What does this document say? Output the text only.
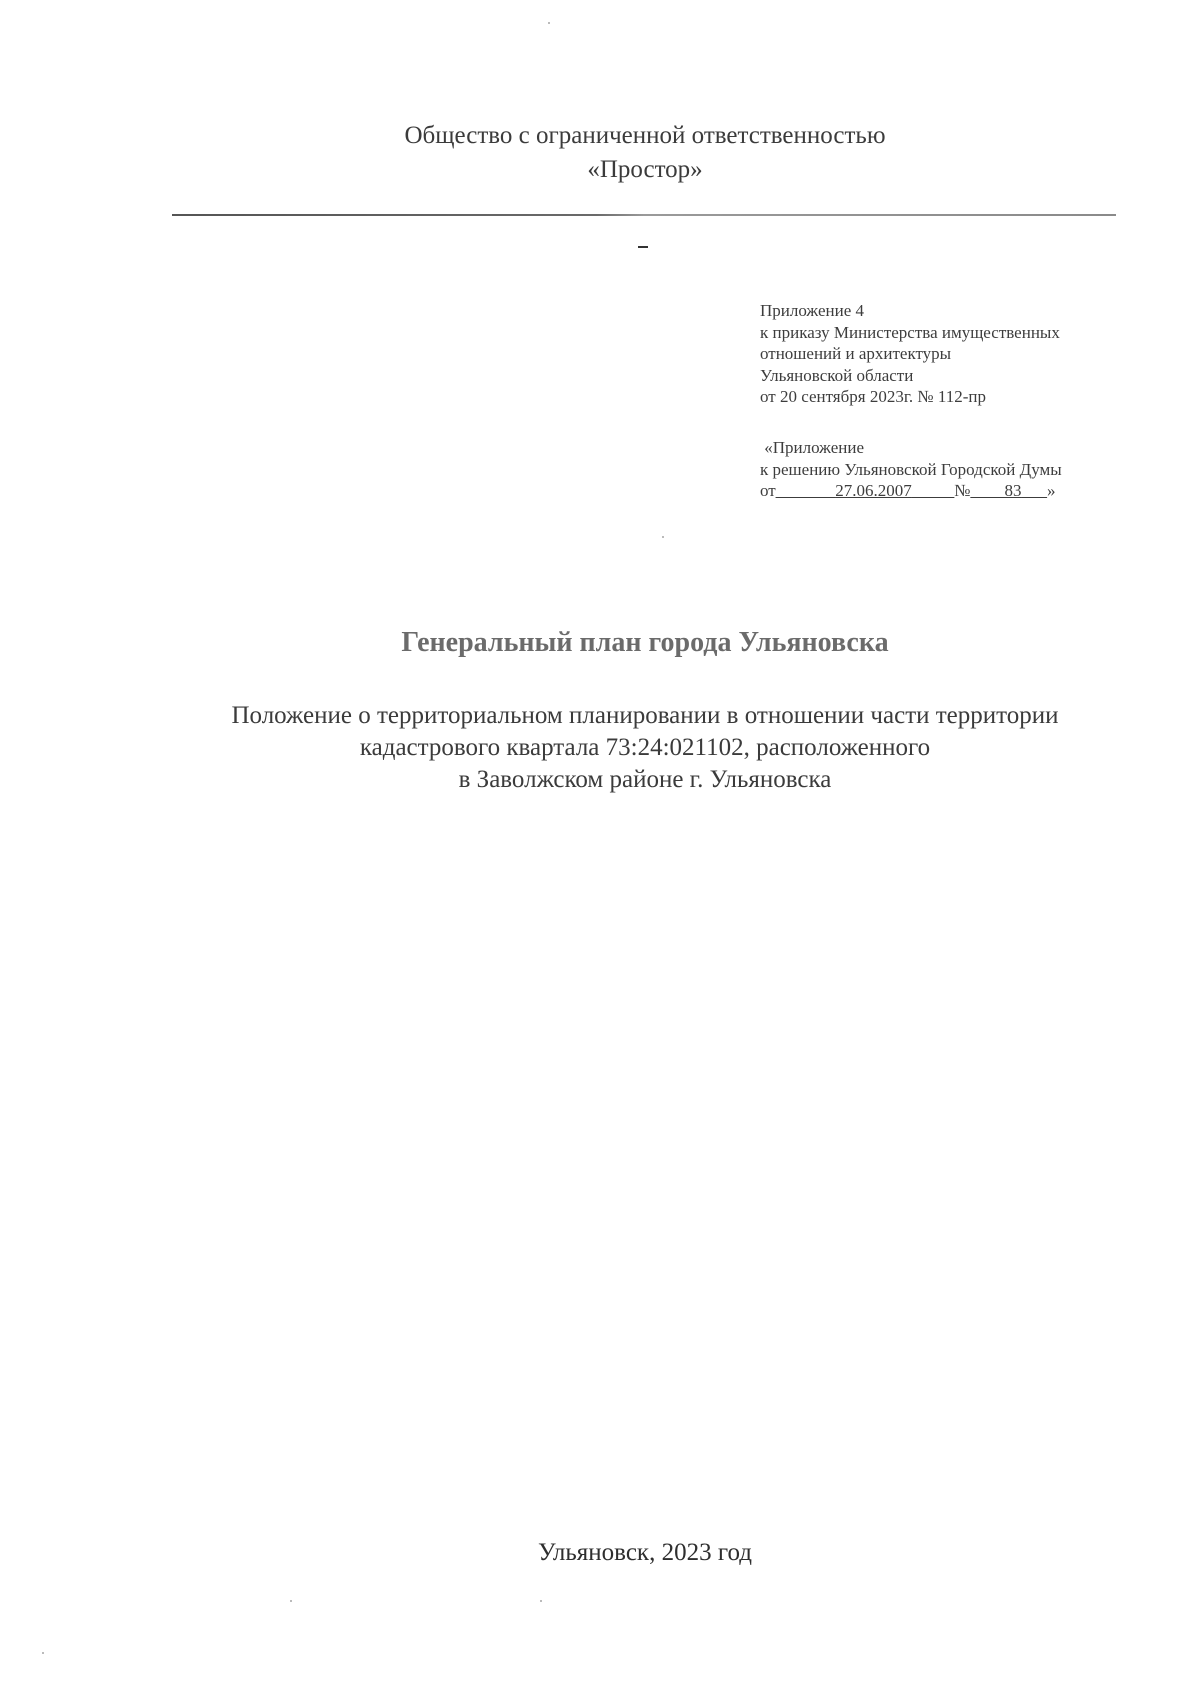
Общество с ограниченной ответственностью
«Простор»
Приложение 4
к приказу Министерства имущественных
отношений и архитектуры
Ульяновской области
от 20 сентября 2023г. № 112-пр
«Приложение
к решению Ульяновской Городской Думы
от_______27.06.2007_____№____83___»
Генеральный план города Ульяновска
Положение о территориальном планировании в отношении части территории
кадастрового квартала 73:24:021102, расположенного
в Заволжском районе г. Ульяновска
Ульяновск, 2023 год
